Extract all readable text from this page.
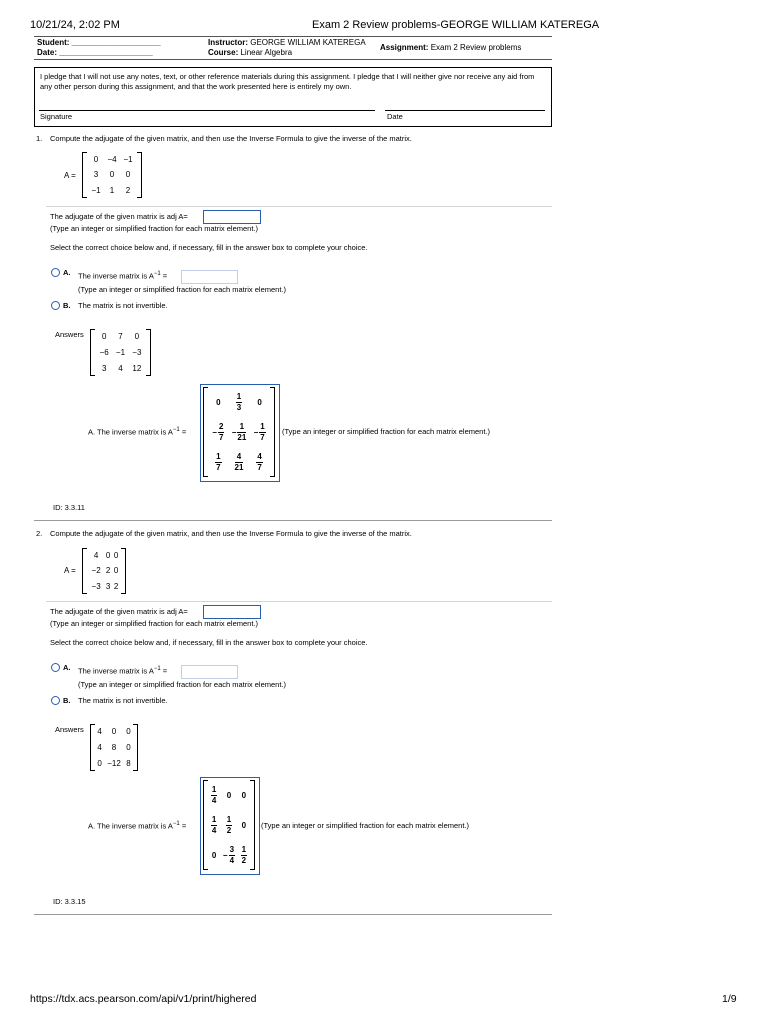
10/21/24, 2:02 PM	Exam 2 Review problems-GEORGE WILLIAM KATEREGA
Student: ____________________
Date: _____________________
Instructor: GEORGE WILLIAM KATEREGA
Course: Linear Algebra
Assignment: Exam 2 Review problems
I pledge that I will not use any notes, text, or other reference materials during this assignment. I pledge that I will neither give nor receive any aid from any other person during this assignment, and that the work presented here is entirely my own.
Signature	Date
1. Compute the adjugate of the given matrix, and then use the Inverse Formula to give the inverse of the matrix.
A =
0	−4	−1
3	0	0
−1	1	2
The adjugate of the given matrix is adj A=
(Type an integer or simplified fraction for each matrix element.)
Select the correct choice below and, if necessary, fill in the answer box to complete your choice.
A. The inverse matrix is $A^{-1}$ =
(Type an integer or simplified fraction for each matrix element.)
B. The matrix is not invertible.
Answers 0	7	0
−6	−1	−3
3	4	12
A. The inverse matrix is $A^{-1}$ =
0	$\frac{1}{3}$	0
− $\frac{2}{7}$	− $\frac{1}{21}$	− $\frac{1}{7}$

$\frac{1}{7}$	$\frac{4}{21}$	$\frac{4}{7}$
(Type an integer or simplified fraction for each matrix element.)
ID: 3.3.11
2. Compute the adjugate of the given matrix, and then use the Inverse Formula to give the inverse of the matrix.
A =
4	0	0
−2	2	0
−3	3	2
The adjugate of the given matrix is adj A=
(Type an integer or simplified fraction for each matrix element.)
Select the correct choice below and, if necessary, fill in the answer box to complete your choice.
A. The inverse matrix is $A^{-1}$ =
(Type an integer or simplified fraction for each matrix element.)
B. The matrix is not invertible.
Answers 4	0	0
4	8	0
0	−12	8
A. The inverse matrix is $A^{-1}$ =
$\frac{1}{4}$	0	0

$\frac{1}{4}$	$\frac{1}{2}$	0
0	− $\frac{3}{4}$	$\frac{1}{2}$
(Type an integer or simplified fraction for each matrix element.)
ID: 3.3.15
https://tdx.acs.pearson.com/api/v1/print/highered	1/9
